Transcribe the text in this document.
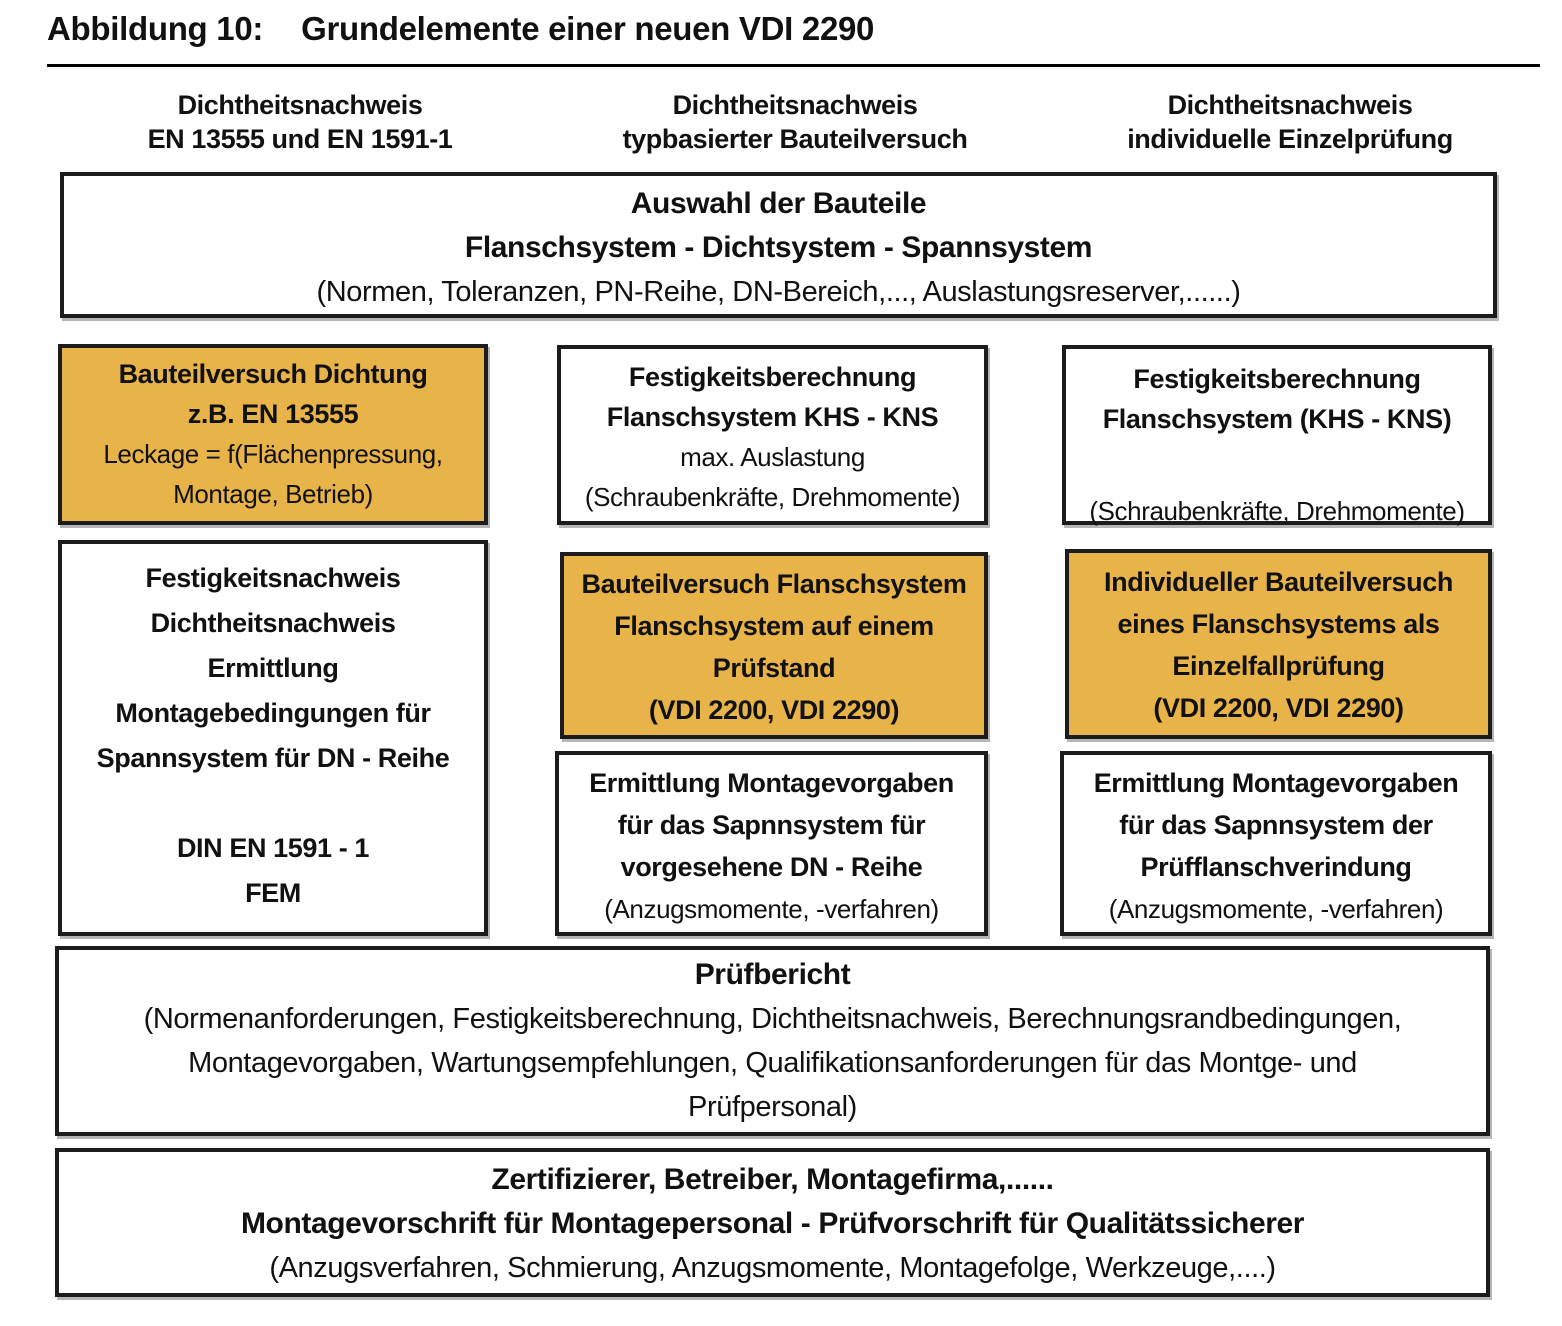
Abbildung 10: Grundelemente einer neuen VDI 2290
Dichtheitsnachweis
EN 13555 und EN 1591-1
Dichtheitsnachweis
typbasierter Bauteilversuch
Dichtheitsnachweis
individuelle Einzelprüfung
Auswahl der Bauteile
Flanschsystem - Dichtsystem - Spannsystem
(Normen, Toleranzen, PN-Reihe, DN-Bereich,..., Auslastungsreserver,......)
Bauteilversuch Dichtung
z.B. EN 13555
Leckage = f(Flächenpressung,
Montage, Betrieb)
Festigkeitsberechnung
Flanschsystem KHS - KNS
max. Auslastung
(Schraubenkräfte, Drehmomente)
Festigkeitsberechnung
Flanschsystem (KHS - KNS)
(Schraubenkräfte, Drehmomente)
Festigkeitsnachweis
Dichtheitsnachweis
Ermittlung
Montagebedingungen für
Spannsystem für DN - Reihe
DIN EN 1591 - 1
FEM
Bauteilversuch Flanschsystem
Flanschsystem auf einem
Prüfstand
(VDI 2200, VDI 2290)
Individueller Bauteilversuch
eines Flanschsystems als
Einzelfallprüfung
(VDI 2200, VDI 2290)
Ermittlung Montagevorgaben
für das Sapnnsystem für
vorgesehene DN - Reihe
(Anzugsmomente, -verfahren)
Ermittlung Montagevorgaben
für das Sapnnsystem der
Prüfflanschverindung
(Anzugsmomente, -verfahren)
Prüfbericht
(Normenanforderungen, Festigkeitsberechnung, Dichtheitsnachweis, Berechnungsrandbedingungen,
Montagevorgaben, Wartungsempfehlungen, Qualifikationsanforderungen für das Montge- und
Prüfpersonal)
Zertifizierer, Betreiber, Montagefirma,......
Montagevorschrift für Montagepersonal - Prüfvorschrift für Qualitätssicherer
(Anzugsverfahren, Schmierung, Anzugsmomente, Montagefolge, Werkzeuge,....)
